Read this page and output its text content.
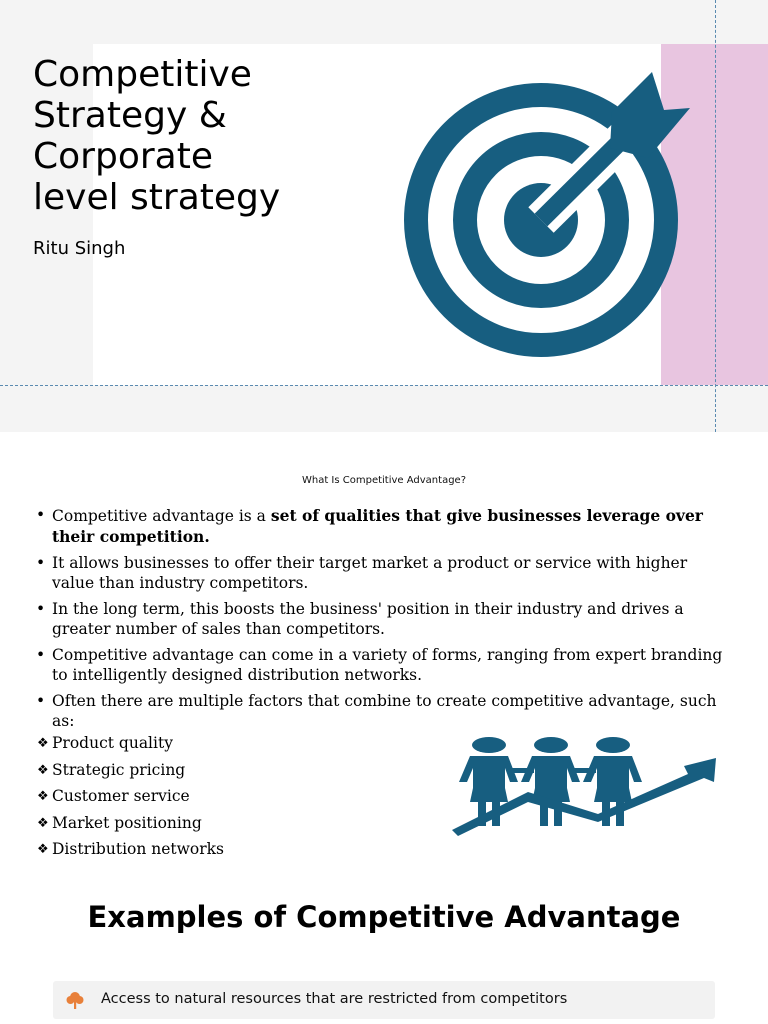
Competitive
Strategy &
Corporate
level strategy
Ritu Singh
What Is Competitive Advantage?
• Competitive advantage is a set of qualities that give businesses leverage over their competition.
• It allows businesses to offer their target market a product or service with higher value than industry competitors.
• In the long term, this boosts the business' position in their industry and drives a greater number of sales than competitors.
• Competitive advantage can come in a variety of forms, ranging from expert branding to intelligently designed distribution networks.
• Often there are multiple factors that combine to create competitive advantage, such as:
❖ Product quality
❖ Strategic pricing
❖ Customer service
❖ Market positioning
❖ Distribution networks
Examples of Competitive Advantage
Access to natural resources that are restricted from competitors
